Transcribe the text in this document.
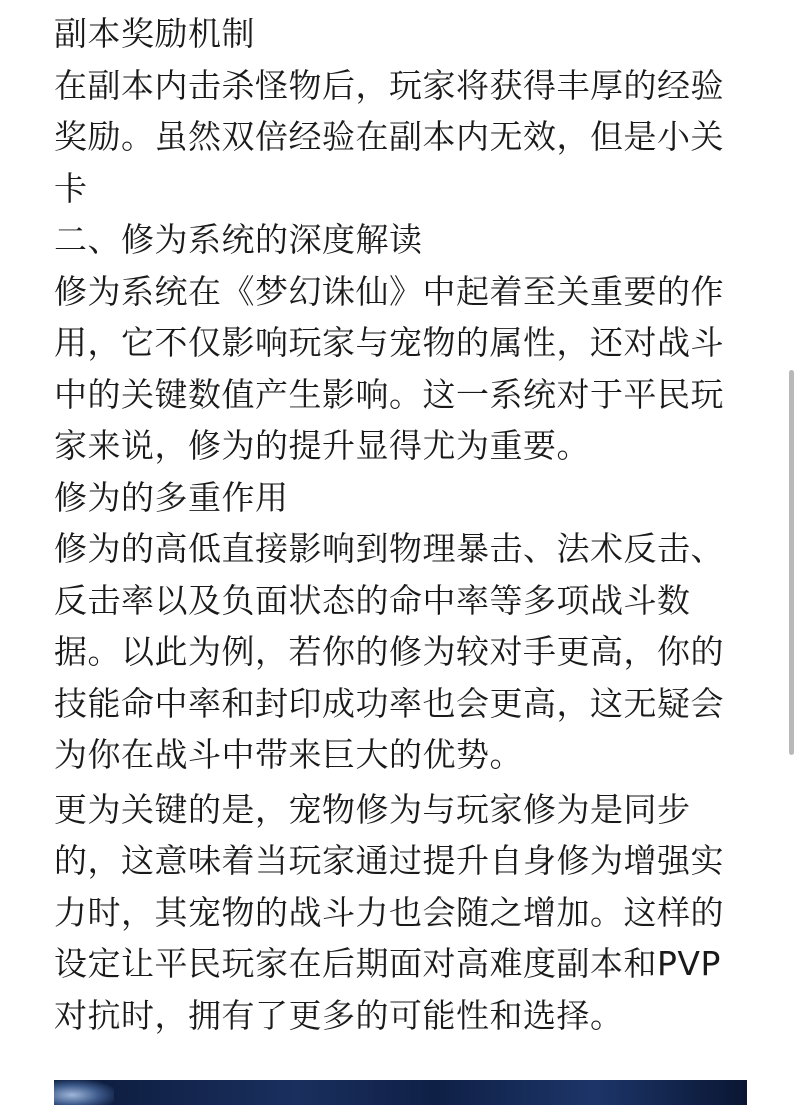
副本奖励机制

在副本内击杀怪物后，玩家将获得丰厚的经验奖励。虽然双倍经验在副本内无效，但是小关卡

二、修为系统的深度解读

修为系统在《梦幻诛仙》中起着至关重要的作用，它不仅影响玩家与宠物的属性，还对战斗中的关键数值产生影响。这一系统对于平民玩家来说，修为的提升显得尤为重要。

修为的多重作用

修为的高低直接影响到物理暴击、法术反击、反击率以及负面状态的命中率等多项战斗数据。以此为例，若你的修为较对手更高，你的技能命中率和封印成功率也会更高，这无疑会为你在战斗中带来巨大的优势。

更为关键的是，宠物修为与玩家修为是同步的，这意味着当玩家通过提升自身修为增强实力时，其宠物的战斗力也会随之增加。这样的设定让平民玩家在后期面对高难度副本和PVP对抗时，拥有了更多的可能性和选择。
